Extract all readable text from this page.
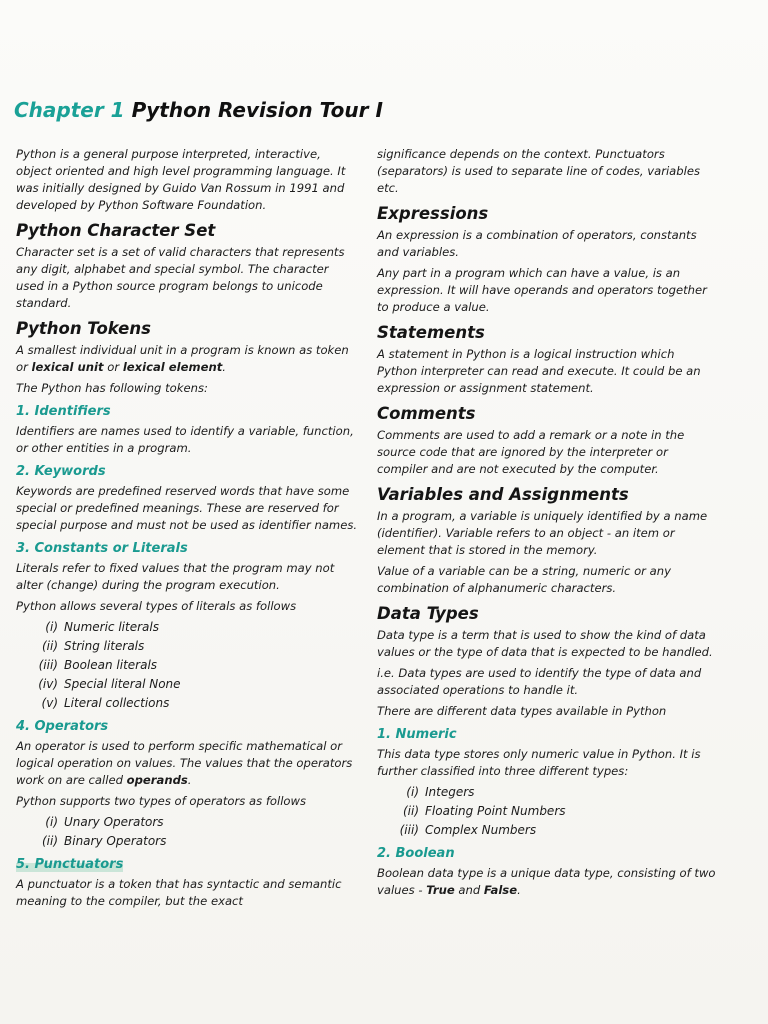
Chapter 1 Python Revision Tour I

Python is a general purpose interpreted, interactive, object oriented and high level programming language. It was initially designed by Guido Van Rossum in 1991 and developed by Python Software Foundation.

Python Character Set

Character set is a set of valid characters that represents any digit, alphabet and special symbol. The character used in a Python source program belongs to unicode standard.

Python Tokens

A smallest individual unit in a program is known as token or lexical unit or lexical element.

The Python has following tokens:

1. Identifiers

Identifiers are names used to identify a variable, function, or other entities in a program.

2. Keywords

Keywords are predefined reserved words that have some special or predefined meanings. These are reserved for special purpose and must not be used as identifier names.

3. Constants or Literals

Literals refer to fixed values that the program may not alter (change) during the program execution.

Python allows several types of literals as follows

(i) Numeric literals
(ii) String literals
(iii) Boolean literals
(iv) Special literal None
(v) Literal collections
4. Operators

An operator is used to perform specific mathematical or logical operation on values. The values that the operators work on are called operands.

Python supports two types of operators as follows

(i) Unary Operators
(ii) Binary Operators
5. Punctuators

A punctuator is a token that has syntactic and semantic meaning to the compiler, but the exact

significance depends on the context. Punctuators (separators) is used to separate line of codes, variables etc.

Expressions

An expression is a combination of operators, constants and variables.

Any part in a program which can have a value, is an expression. It will have operands and operators together to produce a value.

Statements

A statement in Python is a logical instruction which Python interpreter can read and execute. It could be an expression or assignment statement.

Comments

Comments are used to add a remark or a note in the source code that are ignored by the interpreter or compiler and are not executed by the computer.

Variables and Assignments

In a program, a variable is uniquely identified by a name (identifier). Variable refers to an object - an item or element that is stored in the memory.

Value of a variable can be a string, numeric or any combination of alphanumeric characters.

Data Types

Data type is a term that is used to show the kind of data values or the type of data that is expected to be handled.

i.e. Data types are used to identify the type of data and associated operations to handle it.

There are different data types available in Python

1. Numeric

This data type stores only numeric value in Python. It is further classified into three different types:

(i) Integers
(ii) Floating Point Numbers
(iii) Complex Numbers
2. Boolean

Boolean data type is a unique data type, consisting of two values - True and False.
